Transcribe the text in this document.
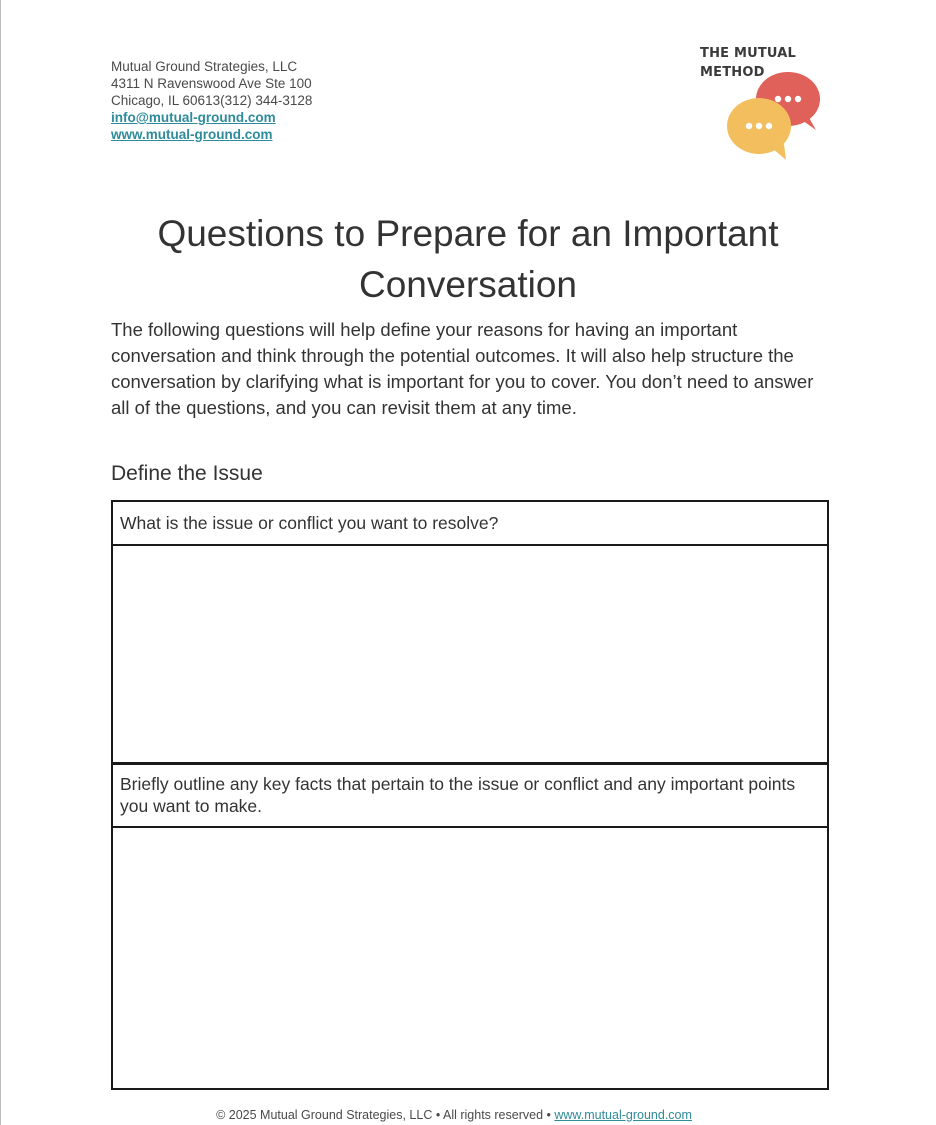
Mutual Ground Strategies, LLC
4311 N Ravenswood Ave Ste 100
Chicago, IL 60613(312) 344-3128
info@mutual-ground.com
www.mutual-ground.com
THE MUTUAL
METHOD
Questions to Prepare for an Important
Conversation

The following questions will help define your reasons for having an important conversation and think through the potential outcomes. It will also help structure the conversation by clarifying what is important for you to cover. You don’t need to answer all of the questions, and you can revisit them at any time.

Define the Issue
What is the issue or conflict you want to resolve?
Briefly outline any key facts that pertain to the issue or conflict and any important points you want to make.
© 2025 Mutual Ground Strategies, LLC • All rights reserved • www.mutual-ground.com
